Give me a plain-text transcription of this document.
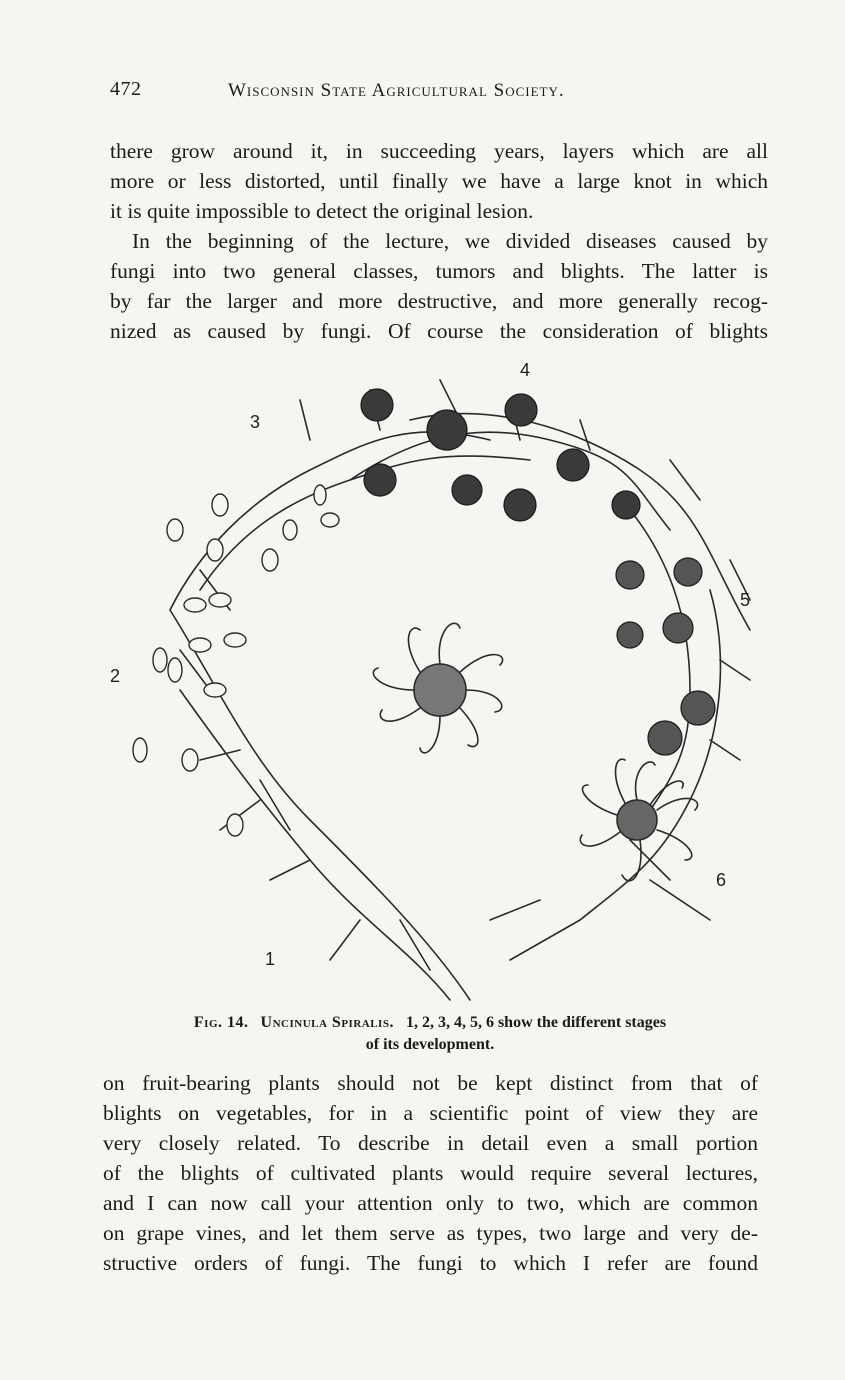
472	Wisconsin State Agricultural Society.

there grow around it, in succeeding years, layers which are all
more or less distorted, until finally we have a large knot in which
it is quite impossible to detect the original lesion.

In the beginning of the lecture, we divided diseases caused by
fungi into two general classes, tumors and blights. The latter is
by far the larger and more destructive, and more generally recog-
nized as caused by fungi. Of course the consideration of blights

1
2
3
4
5
6
Fig. 14. Uncinula Spiralis. 1, 2, 3, 4, 5, 6 show the different stages
of its development.

on fruit-bearing plants should not be kept distinct from that of
blights on vegetables, for in a scientific point of view they are
very closely related. To describe in detail even a small portion
of the blights of cultivated plants would require several lectures,
and I can now call your attention only to two, which are common
on grape vines, and let them serve as types, two large and very de-
structive orders of fungi. The fungi to which I refer are found
